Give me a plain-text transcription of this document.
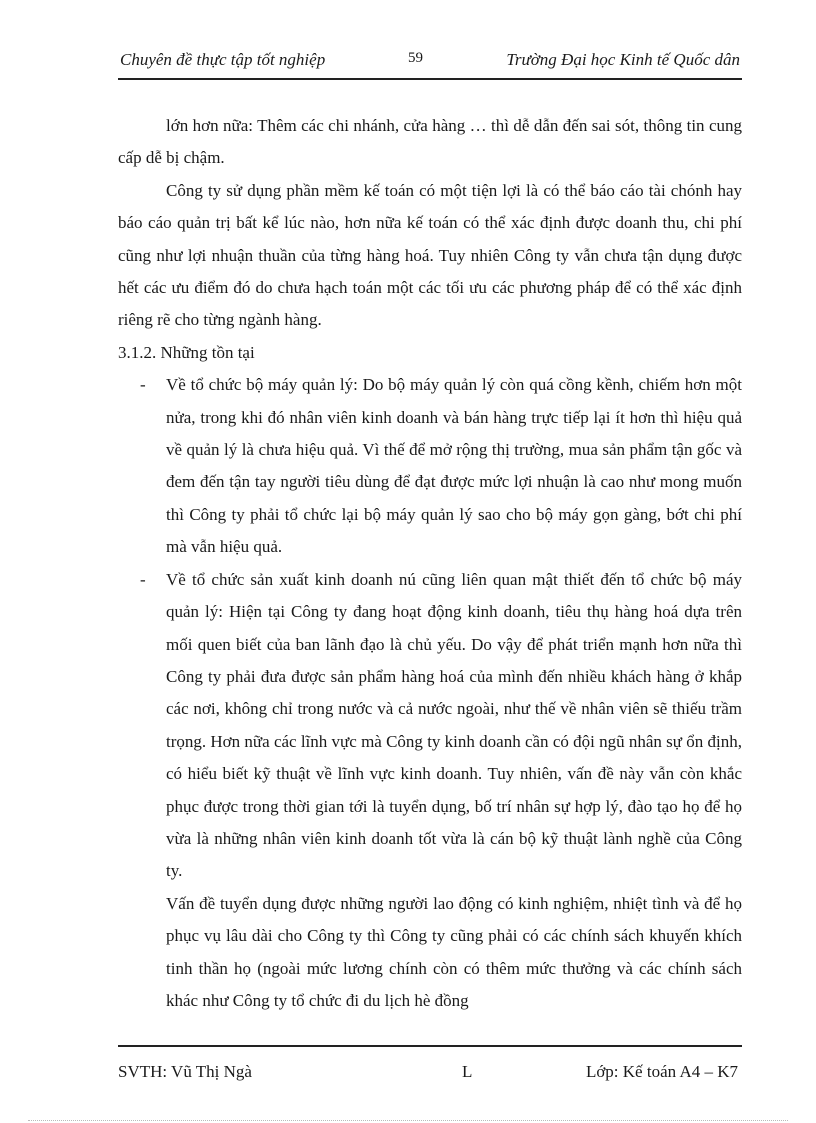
Chuyên đề thực tập tốt nghiệp	59	Trường Đại học Kinh tế Quốc dân

lớn hơn nữa: Thêm các chi nhánh, cửa hàng … thì dễ dẫn đến sai sót, thông tin cung cấp dễ bị chậm.

Công ty sử dụng phần mềm kế toán có một tiện lợi là có thể báo cáo tài chónh hay báo cáo quản trị bất kể lúc nào, hơn nữa kế toán có thể xác định được doanh thu, chi phí cũng như lợi nhuận thuần của từng hàng hoá. Tuy nhiên Công ty vẫn chưa tận dụng được hết các ưu điểm đó do chưa hạch toán một các tối ưu các phương pháp để có thể xác định riêng rẽ cho từng ngành hàng.

3.1.2. Những tồn tại

- Về tổ chức bộ máy quản lý: Do bộ máy quản lý còn quá cồng kềnh, chiếm hơn một nửa, trong khi đó nhân viên kinh doanh và bán hàng trực tiếp lại ít hơn thì hiệu quả về quản lý là chưa hiệu quả. Vì thế để mở rộng thị trường, mua sản phẩm tận gốc và đem đến tận tay người tiêu dùng để đạt được mức lợi nhuận là cao như mong muốn thì Công ty phải tổ chức lại bộ máy quản lý sao cho bộ máy gọn gàng, bớt chi phí mà vẫn hiệu quả.

- Về tổ chức sản xuất kinh doanh nú cũng liên quan mật thiết đến tổ chức bộ máy quản lý: Hiện tại Công ty đang hoạt động kinh doanh, tiêu thụ hàng hoá dựa trên mối quen biết của ban lãnh đạo là chủ yếu. Do vậy để phát triển mạnh hơn nữa thì Công ty phải đưa được sản phẩm hàng hoá của mình đến nhiều khách hàng ở khắp các nơi, không chỉ trong nước và cả nước ngoài, như thế về nhân viên sẽ thiếu trầm trọng. Hơn nữa các lĩnh vực mà Công ty kinh doanh cần có đội ngũ nhân sự ổn định, có hiểu biết kỹ thuật về lĩnh vực kinh doanh. Tuy nhiên, vấn đề này vẫn còn khắc phục được trong thời gian tới là tuyển dụng, bố trí nhân sự hợp lý, đào tạo họ để họ vừa là những nhân viên kinh doanh tốt vừa là cán bộ kỹ thuật lành nghề của Công ty.

Vấn đề tuyển dụng được những người lao động có kinh nghiệm, nhiệt tình và để họ phục vụ lâu dài cho Công ty thì Công ty cũng phải có các chính sách khuyến khích tinh thần họ (ngoài mức lương chính còn có thêm mức thưởng và các chính sách khác như Công ty tổ chức đi du lịch hè đồng

SVTH: Vũ Thị Ngà	L	Lớp: Kế toán A4 – K7
